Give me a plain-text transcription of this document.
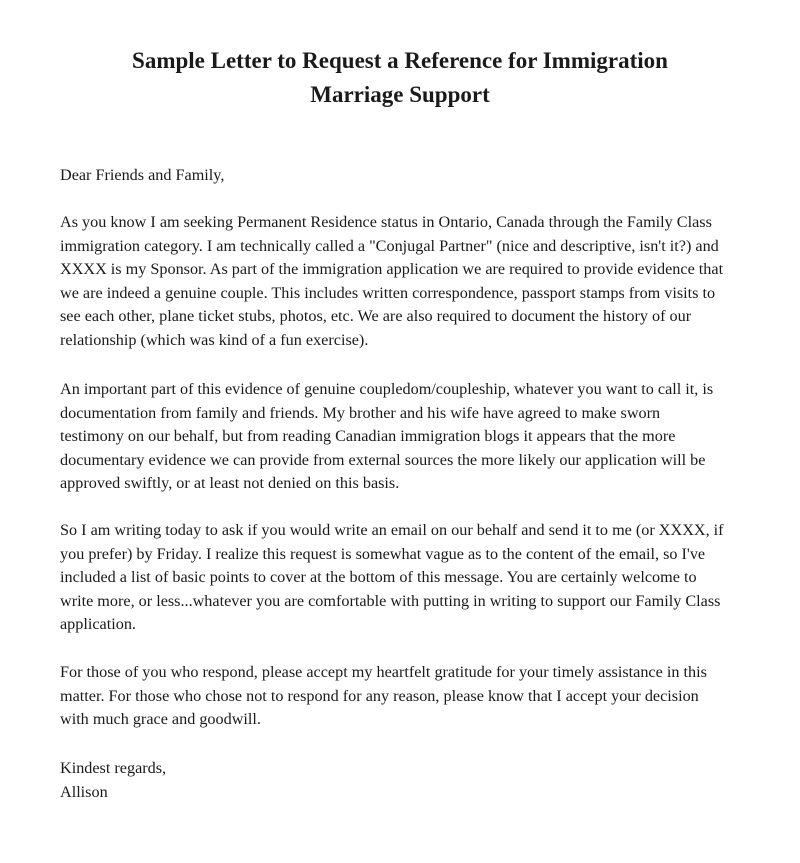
Sample Letter to Request a Reference for Immigration
Marriage Support

Dear Friends and Family,

As you know I am seeking Permanent Residence status in Ontario, Canada through the Family Class
immigration category. I am technically called a "Conjugal Partner" (nice and descriptive, isn't it?) and
XXXX is my Sponsor. As part of the immigration application we are required to provide evidence that
we are indeed a genuine couple. This includes written correspondence, passport stamps from visits to
see each other, plane ticket stubs, photos, etc. We are also required to document the history of our
relationship (which was kind of a fun exercise).

An important part of this evidence of genuine coupledom/coupleship, whatever you want to call it, is
documentation from family and friends. My brother and his wife have agreed to make sworn
testimony on our behalf, but from reading Canadian immigration blogs it appears that the more
documentary evidence we can provide from external sources the more likely our application will be
approved swiftly, or at least not denied on this basis.

So I am writing today to ask if you would write an email on our behalf and send it to me (or XXXX, if
you prefer) by Friday. I realize this request is somewhat vague as to the content of the email, so I've
included a list of basic points to cover at the bottom of this message. You are certainly welcome to
write more, or less...whatever you are comfortable with putting in writing to support our Family Class
application.

For those of you who respond, please accept my heartfelt gratitude for your timely assistance in this
matter. For those who chose not to respond for any reason, please know that I accept your decision
with much grace and goodwill.

Kindest regards,
Allison
